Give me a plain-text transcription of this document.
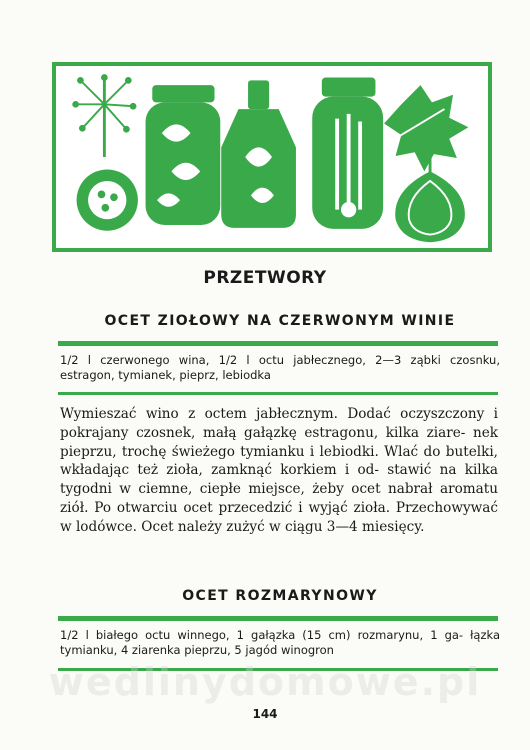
PRZETWORY
OCET ZIOŁOWY NA CZERWONYM WINIE
1/2 l czerwonego wina, 1/2 l octu jabłecznego, 2—3 ząbki czosnku, estragon, tymianek, pieprz, lebiodka
Wymieszać wino z octem jabłecznym. Dodać oczyszczony i pokrajany czosnek, małą gałązkę estragonu, kilka ziare- nek pieprzu, trochę świeżego tymianku i lebiodki. Wlać do butelki, wkładając też zioła, zamknąć korkiem i od- stawić na kilka tygodni w ciemne, ciepłe miejsce, żeby ocet nabrał aromatu ziół. Po otwarciu ocet przecedzić i wyjąć zioła. Przechowywać w lodówce. Ocet należy zużyć w ciągu 3—4 miesięcy.
OCET ROZMARYNOWY
1/2 l białego octu winnego, 1 gałązka (15 cm) rozmarynu, 1 ga- łązka tymianku, 4 ziarenka pieprzu, 5 jagód winogron
wedlinydomowe.pl
144
